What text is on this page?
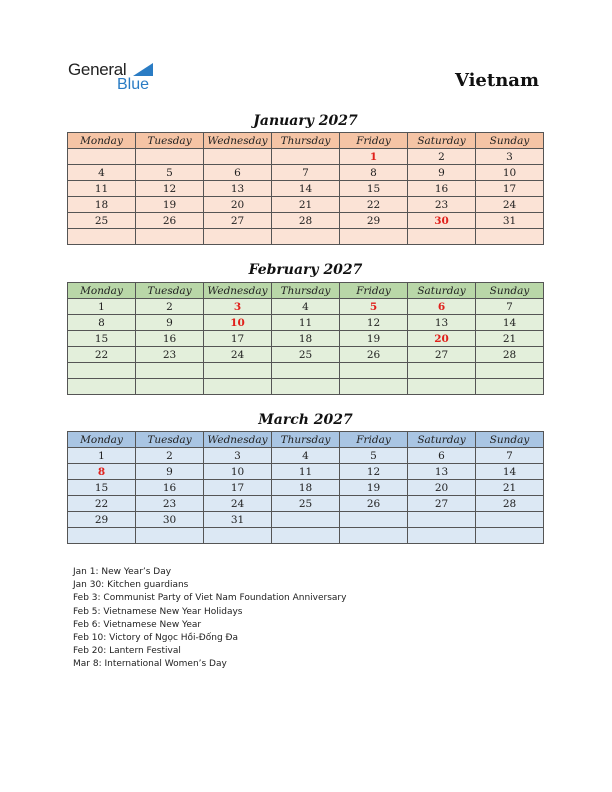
General
Blue	Vietnam
January 2027
Monday	Tuesday	Wednesday	Thursday	Friday	Saturday	Sunday
				1	2	3
4	5	6	7	8	9	10
11	12	13	14	15	16	17
18	19	20	21	22	23	24
25	26	27	28	29	30	31

February 2027
Monday	Tuesday	Wednesday	Thursday	Friday	Saturday	Sunday
1	2	3	4	5	6	7
8	9	10	11	12	13	14
15	16	17	18	19	20	21
22	23	24	25	26	27	28

March 2027
Monday	Tuesday	Wednesday	Thursday	Friday	Saturday	Sunday
1	2	3	4	5	6	7
8	9	10	11	12	13	14
15	16	17	18	19	20	21
22	23	24	25	26	27	28
29	30	31				

Jan 1: New Year’s Day
Jan 30: Kitchen guardians
Feb 3: Communist Party of Viet Nam Foundation Anniversary
Feb 5: Vietnamese New Year Holidays
Feb 6: Vietnamese New Year
Feb 10: Victory of Ngọc Hồi-Đống Đa
Feb 20: Lantern Festival
Mar 8: International Women’s Day
